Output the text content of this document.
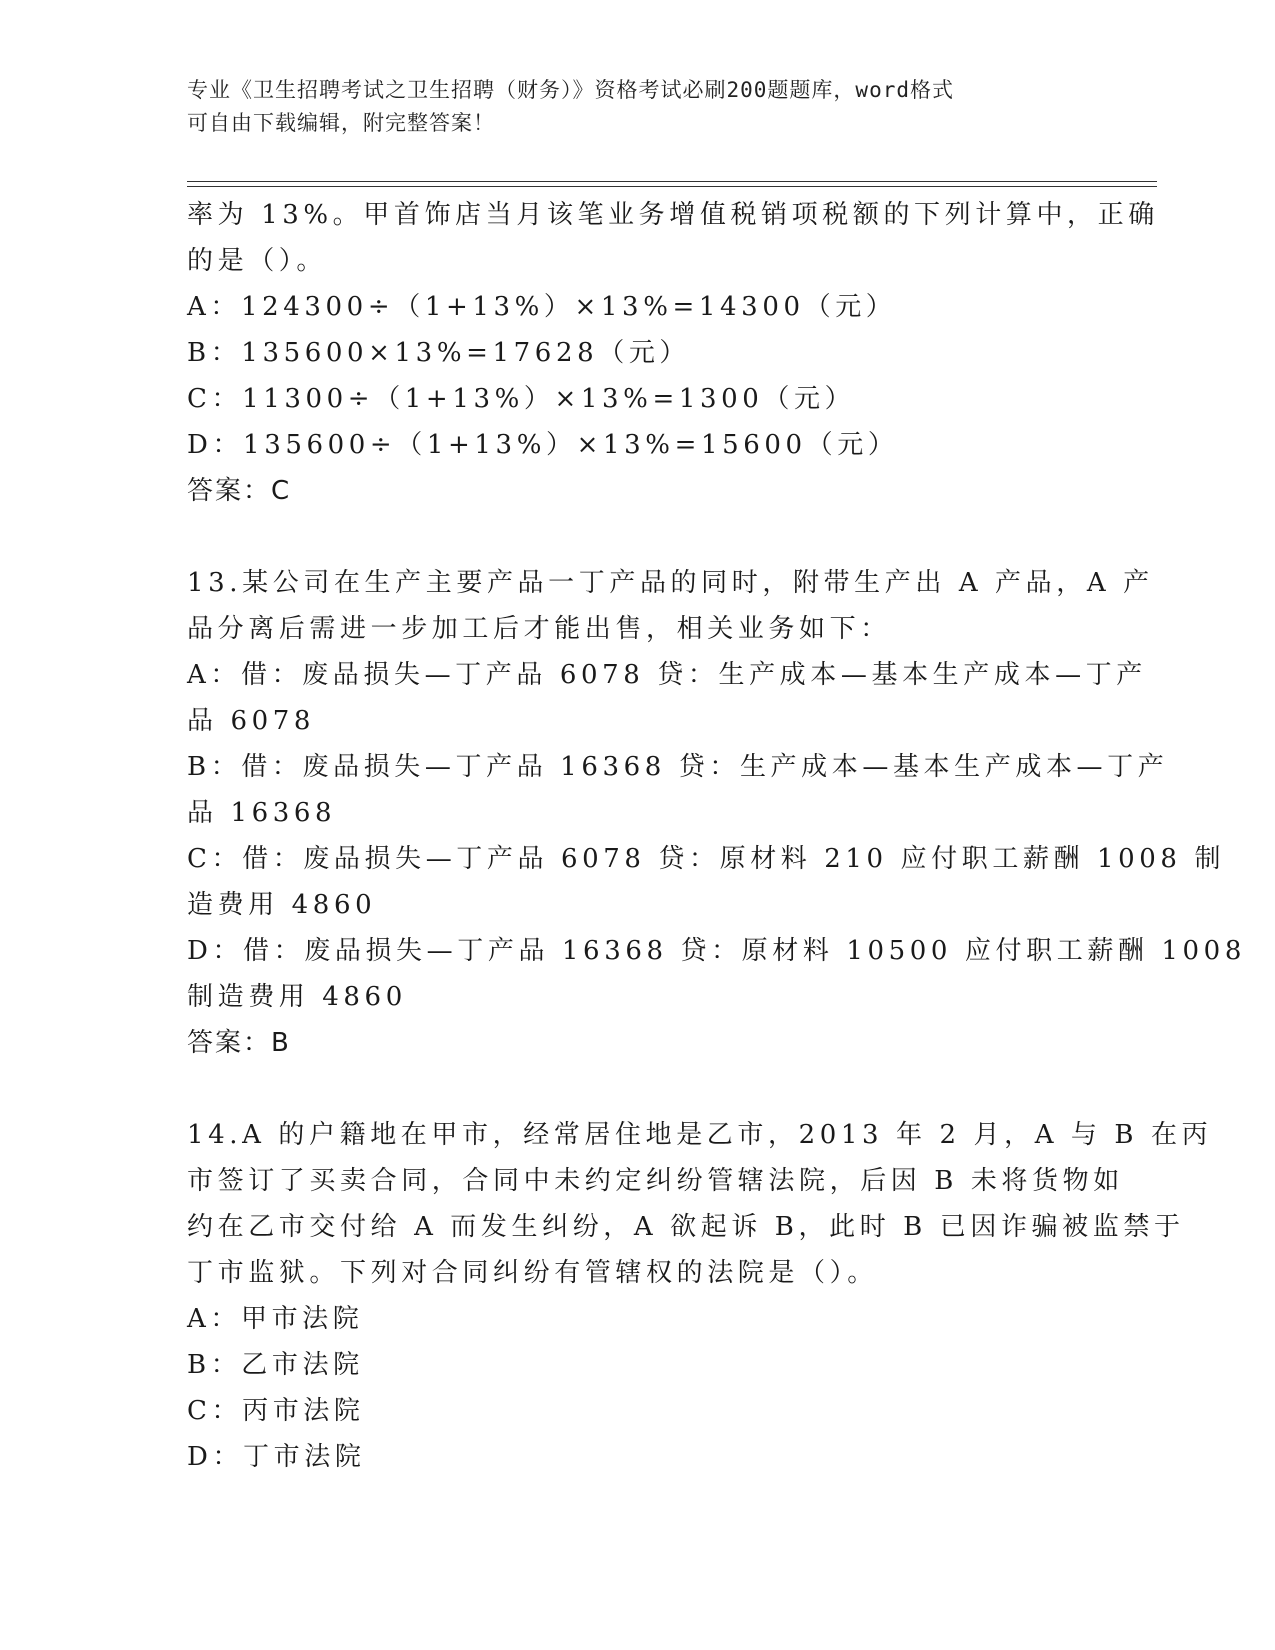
专业《卫生招聘考试之卫生招聘（财务）》资格考试必刷200题题库，word格式
可自由下载编辑，附完整答案！
率为 13%。甲首饰店当月该笔业务增值税销项税额的下列计算中，正确
的是（）。
A：124300÷（1+13%）×13%=14300（元）
B：135600×13%=17628（元）
C：11300÷（1+13%）×13%=1300（元）
D：135600÷（1+13%）×13%=15600（元）
答案：C
13.某公司在生产主要产品一丁产品的同时，附带生产出 A 产品，A 产
品分离后需进一步加工后才能出售，相关业务如下：
A：借：废品损失—丁产品 6078 贷：生产成本—基本生产成本—丁产
品 6078
B：借：废品损失—丁产品 16368 贷：生产成本—基本生产成本—丁产
品 16368
C：借：废品损失—丁产品 6078 贷：原材料 210 应付职工薪酬 1008 制
造费用 4860
D：借：废品损失—丁产品 16368 贷：原材料 10500 应付职工薪酬 1008
制造费用 4860
答案：B
14.A 的户籍地在甲市，经常居住地是乙市，2013 年 2 月，A 与 B 在丙
市签订了买卖合同，合同中未约定纠纷管辖法院，后因 B 未将货物如
约在乙市交付给 A 而发生纠纷，A 欲起诉 B，此时 B 已因诈骗被监禁于
丁市监狱。下列对合同纠纷有管辖权的法院是（）。
A：甲市法院
B：乙市法院
C：丙市法院
D：丁市法院
